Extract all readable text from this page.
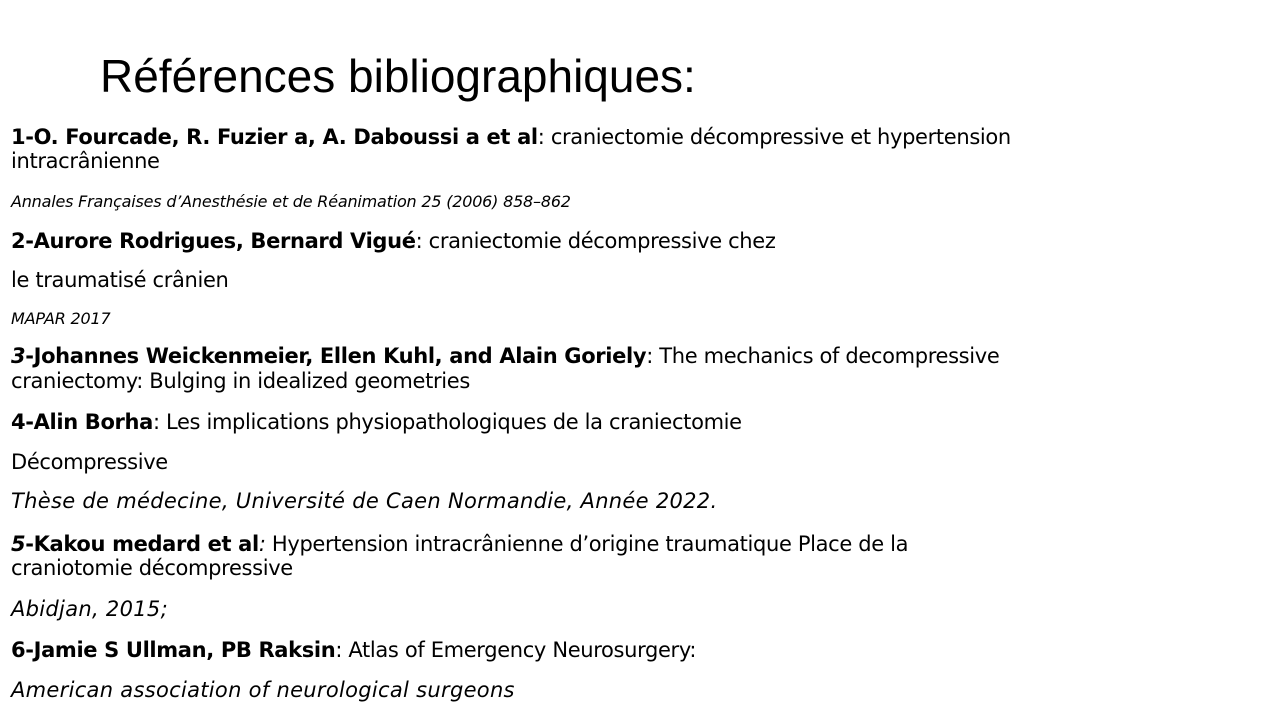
Références bibliographiques:

1-O. Fourcade, R. Fuzier a, A. Daboussi a et al: craniectomie décompressive et hypertension

intracrânienne

Annales Françaises d’Anesthésie et de Réanimation 25 (2006) 858–862

2-Aurore Rodrigues, Bernard Vigué: craniectomie décompressive chez

le traumatisé crânien

MAPAR 2017

3-Johannes Weickenmeier, Ellen Kuhl, and Alain Goriely: The mechanics of decompressive

craniectomy: Bulging in idealized geometries

4-Alin Borha: Les implications physiopathologiques de la craniectomie

Décompressive

Thèse de médecine, Université de Caen Normandie, Année 2022.

5-Kakou medard et al: Hypertension intracrânienne d’origine traumatique Place de la

craniotomie décompressive

Abidjan, 2015;

6-Jamie S Ullman, PB Raksin: Atlas of Emergency Neurosurgery:

American association of neurological surgeons
